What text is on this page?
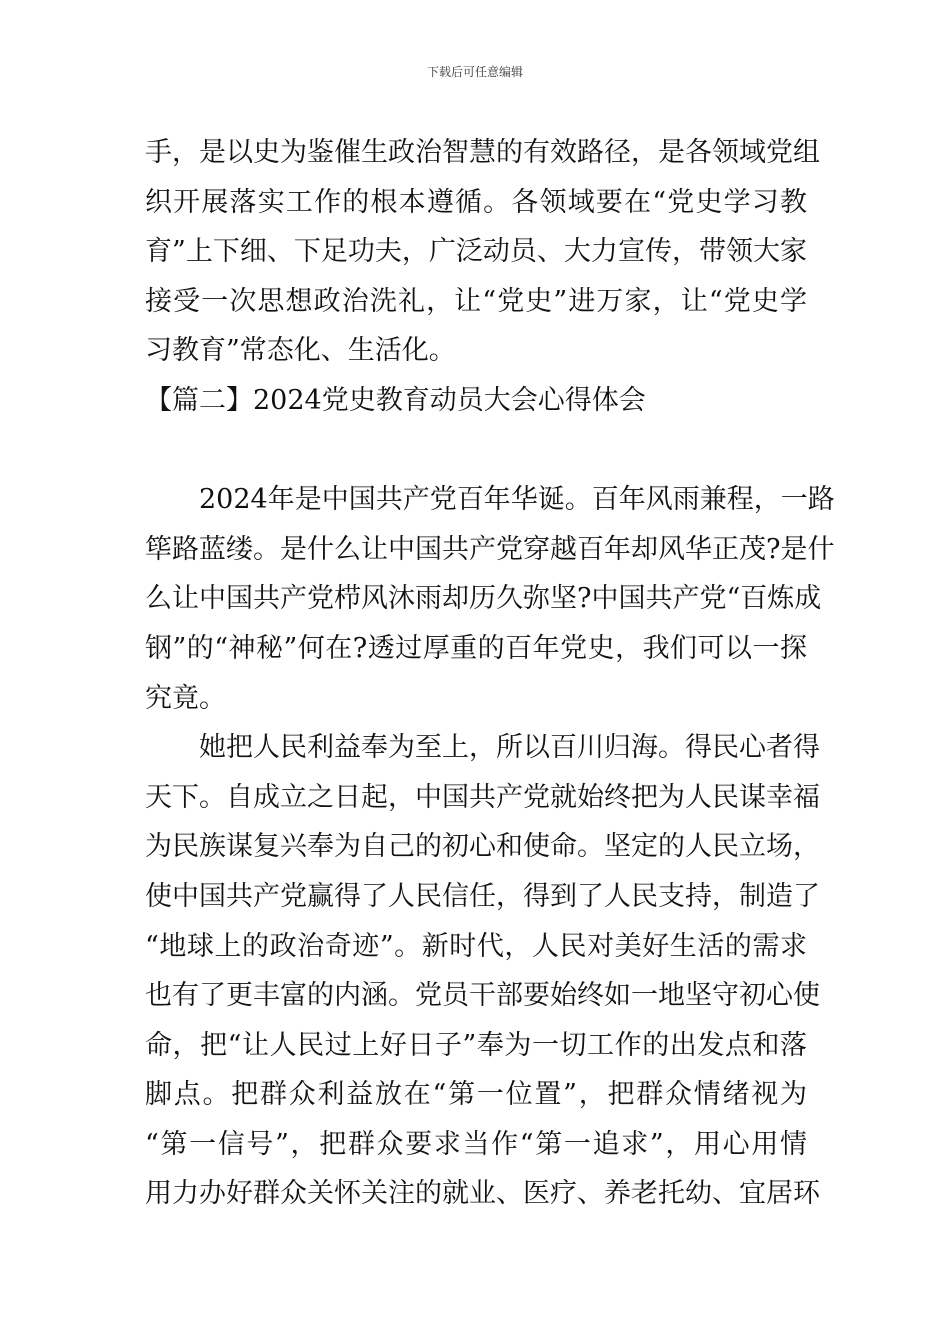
下载后可任意编辑
手，是以史为鉴催生政治智慧的有效路径，是各领域党组
织开展落实工作的根本遵循。各领域要在“党史学习教
育”上下细、下足功夫，广泛动员、大力宣传，带领大家
接受一次思想政治洗礼，让“党史”进万家，让“党史学
习教育”常态化、生活化。
【篇二】2024党史教育动员大会心得体会
2024年是中国共产党百年华诞。百年风雨兼程，一路
筚路蓝缕。是什么让中国共产党穿越百年却风华正茂?是什
么让中国共产党栉风沐雨却历久弥坚?中国共产党“百炼成
钢”的“神秘”何在?透过厚重的百年党史，我们可以一探
究竟。
她把人民利益奉为至上，所以百川归海。得民心者得
天下。自成立之日起，中国共产党就始终把为人民谋幸福
为民族谋复兴奉为自己的初心和使命。坚定的人民立场，
使中国共产党赢得了人民信任，得到了人民支持，制造了
“地球上的政治奇迹”。新时代，人民对美好生活的需求
也有了更丰富的内涵。党员干部要始终如一地坚守初心使
命，把“让人民过上好日子”奉为一切工作的出发点和落
脚点。把群众利益放在“第一位置”，把群众情绪视为
“第一信号”，把群众要求当作“第一追求”，用心用情
用力办好群众关怀关注的就业、医疗、养老托幼、宜居环
